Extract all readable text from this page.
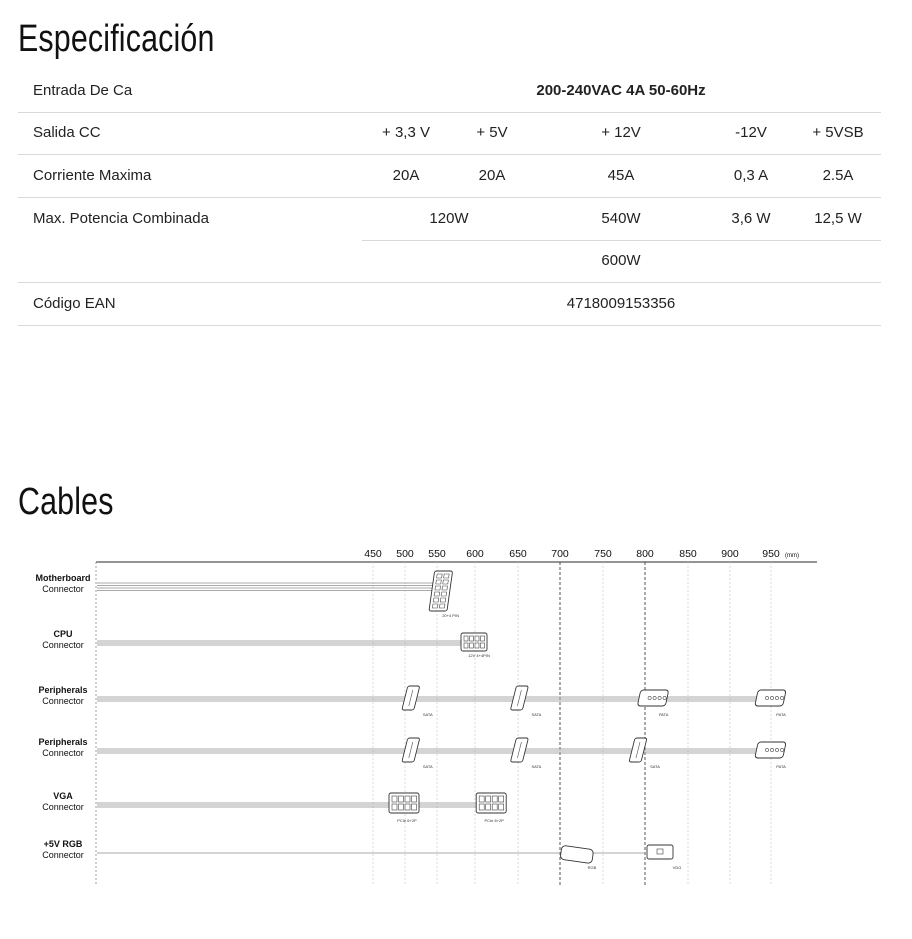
Especificación
Entrada De Ca	200-240VAC 4A 50-60Hz
Salida CC	+ 3,3 V	+ 5V	+ 12V	-12V	+ 5VSB
Corriente Maxima	20A	20A	45A	0,3 A	2.5A
Max. Potencia Combinada	120W	540W	3,6 W	12,5 W
600W
Código EAN	4718009153356
Cables
450 500 550 600 650 700 750 800 850 900 950 (mm)
Motherboard
Connector
20+4 PIN
CPU
Connector
12V 4+4PIN
Peripherals
Connector
SATA	SATA	PATA	PATA
Peripherals
Connector
SATA	SATA	SATA	PATA
VGA
Connector
PCIe 6+2P	PCIe 6+2P
+5V RGB
Connector
RGB	VDG
